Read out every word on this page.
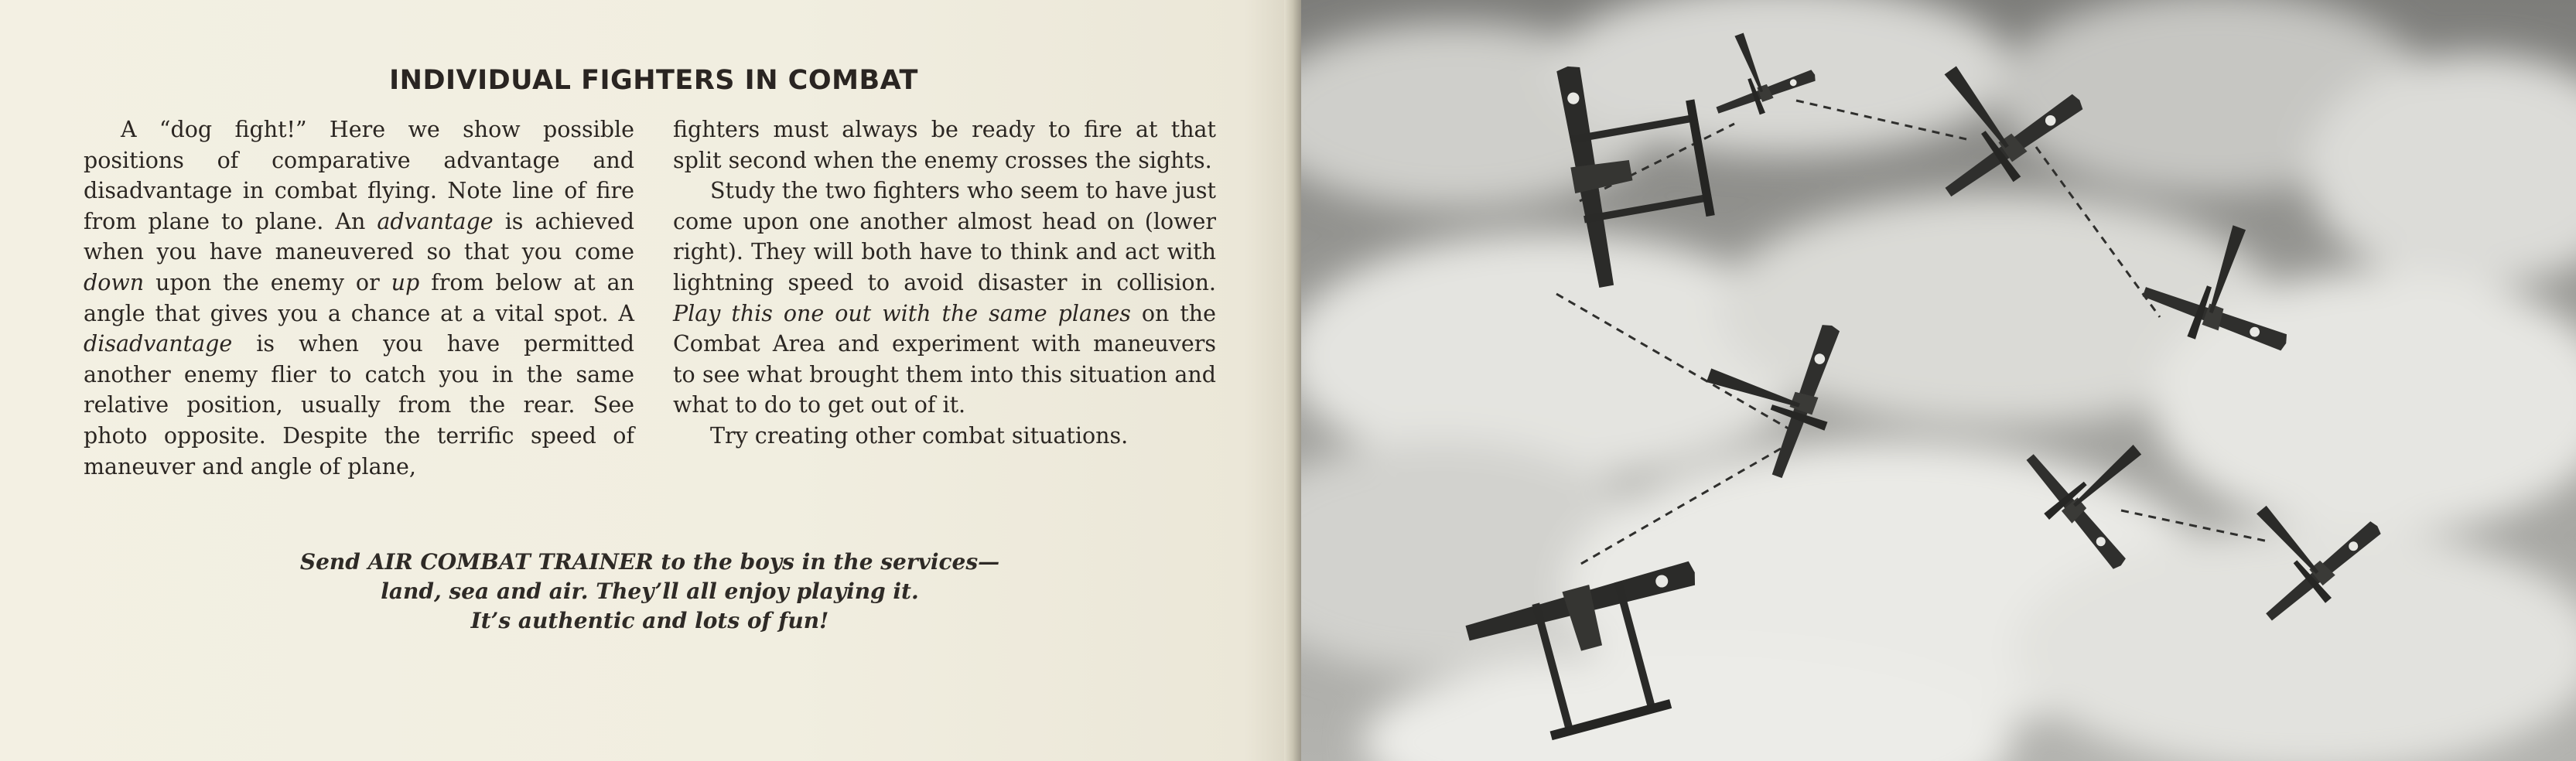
INDIVIDUAL FIGHTERS IN COMBAT

A “dog fight!” Here we show possible positions of comparative advantage and disadvantage in combat flying. Note line of fire from plane to plane. An advantage is achieved when you have maneuvered so that you come down upon the enemy or up from below at an angle that gives you a chance at a vital spot. A disadvantage is when you have permitted another enemy flier to catch you in the same relative position, usually from the rear. See photo opposite. Despite the terrific speed of maneuver and angle of plane,

fighters must always be ready to fire at that split second when the enemy crosses the sights.

Study the two fighters who seem to have just come upon one another almost head on (lower right). They will both have to think and act with lightning speed to avoid disaster in collision. Play this one out with the same planes on the Combat Area and experiment with maneuvers to see what brought them into this situation and what to do to get out of it.

Try creating other combat situations.

Send AIR COMBAT TRAINER to the boys in the services—
land, sea and air. They’ll all enjoy playing it.
It’s authentic and lots of fun!
